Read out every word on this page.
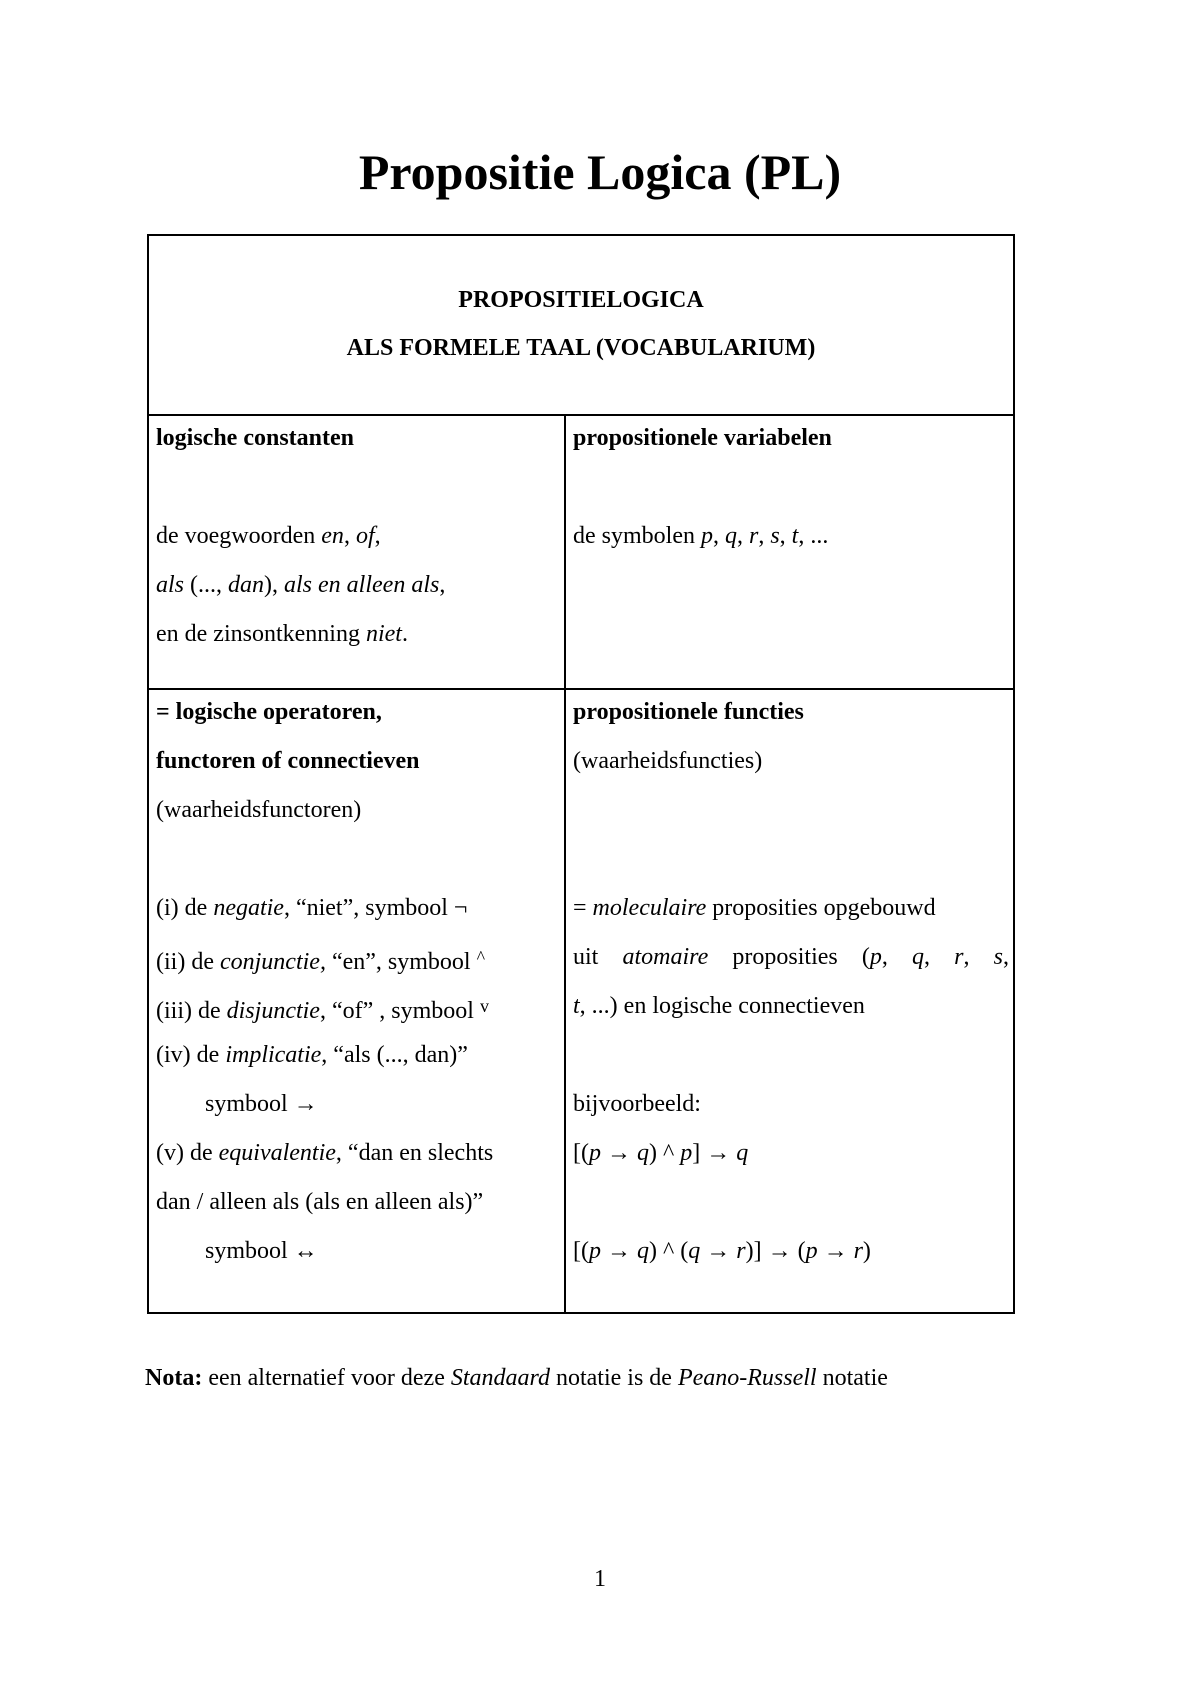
Propositie Logica (PL)
PROPOSITIELOGICA
ALS FORMELE TAAL (VOCABULARIUM)
logische constanten
de voegwoorden en, of,
als (..., dan), als en alleen als,
en de zinsontkenning niet.
propositionele variabelen
de symbolen p, q, r, s, t, ...
= logische operatoren,
functoren of connectieven
(waarheidsfunctoren)
(i) de negatie, “niet”, symbool ¬
(ii) de conjunctie, “en”, symbool ^
(iii) de disjunctie, “of” , symbool $^v$
(iv) de implicatie, “als (..., dan)”
symbool →
(v) de equivalentie, “dan en slechts
dan / alleen als (als en alleen als)”
symbool ↔
propositionele functies
(waarheidsfuncties)
= moleculaire proposities opgebouwd
uit atomaire proposities (p, q, r, s,
t, ...) en logische connectieven
bijvoorbeeld:
[(p → q) ^ p] → q
[(p → q) ^ (q → r)] → (p → r)
Nota: een alternatief voor deze Standaard notatie is de Peano-Russell notatie
1
